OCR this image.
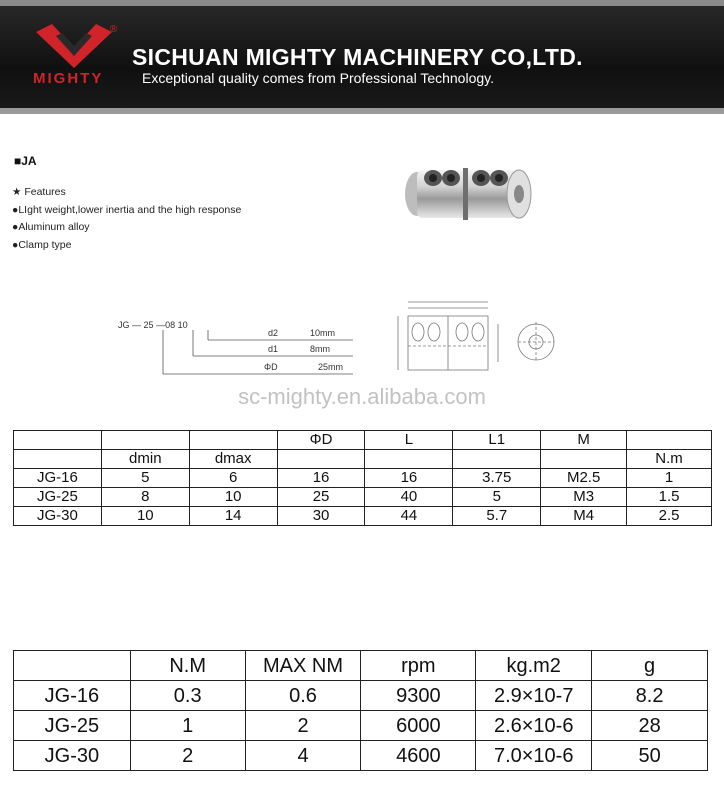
®
MIGHTY
SICHUAN MIGHTY MACHINERY CO,LTD.
Exceptional quality comes from Professional Technology.
■JA
★ Features
●LIght weight,lower inertia and the high response
●Aluminum alloy
●Clamp type
JG — 25 —08 10
d2	10mm
d1	8mm
ΦD	25mm
sc-mighty.en.alibaba.com
			ΦD	L	L1	M	
	dmin	dmax					N.m
JG-16	5	6	16	16	3.75	M2.5	1
JG-25	8	10	25	40	5	M3	1.5
JG-30	10	14	30	44	5.7	M4	2.5
	N.M	MAX NM	rpm	kg.m2	g
JG-16	0.3	0.6	9300	2.9×10-7	8.2
JG-25	1	2	6000	2.6×10-6	28
JG-30	2	4	4600	7.0×10-6	50
